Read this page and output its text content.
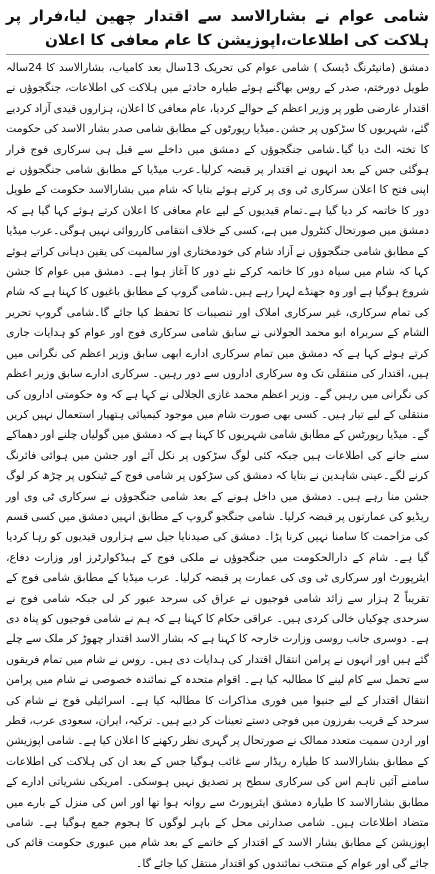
شامی عوام نے بشارالاسد سے اقتدار چھین لیا،فرار پر ہلاکت کی اطلاعات،اپوزیشن کا عام معافی کا اعلان

دمشق (مانیٹرنگ ڈیسک ) شامی عوام کی تحریک 13سال بعد کامیاب، بشارالاسد کا 24سالہ طویل دورختم، صدر کے روس بھاگنے ہوئے طیارہ حادثے میں ہلاکت کی اطلاعات، جنگجوؤں نے اقتدار عارضی طور پر وزیر اعظم کے حوالے کردیا، عام معافی کا اعلان، ہزاروں قیدی آزاد کردیے گئے، شہریوں کا سڑکوں پر جشن۔میڈیا رپورٹوں کے مطابق شامی صدر بشار الاسد کی حکومت کا تختہ الٹ دیا گیا۔شامی جنگجوؤں کے دمشق میں داخلے سے قبل ہی سرکاری فوج فرار ہوگئی جس کے بعد انہوں نے اقتدار پر قبضہ کرلیا۔عرب میڈیا کے مطابق شامی جنگجوؤں نے اپنی فتح کا اعلان سرکاری ٹی وی پر کرتے ہوئے بتایا کہ شام میں بشارالاسد حکومت کے طویل دور کا خاتمہ کر دیا گیا ہے۔تمام قیدیوں کے لیے عام معافی کا اعلان کرتے ہوئے کہا گیا ہے کہ دمشق میں صورتحال کنٹرول میں ہے، کسی کے خلاف انتقامی کارروائی نہیں ہوگی۔عرب میڈیا کے مطابق شامی جنگجوؤں نے آزاد شام کی خودمختاری اور سالمیت کی یقین دہانی کراتے ہوئے کہا کہ شام میں سیاہ دور کا خاتمہ کرکے نئے دور کا آغاز ہوا ہے۔ دمشق میں عوام کا جشن شروع ہوگیا ہے اور وہ جھنڈے لہرا رہے ہیں۔شامی گروپ کے مطابق باغیوں کا کہنا ہے کہ شام کی تمام سرکاری، غیر سرکاری املاک اور تنصیبات کا تحفظ کیا جائے گا۔شامی گروپ تحریر الشام کے سربراہ ابو محمد الجولانی نے سابق شامی سرکاری فوج اور عوام کو ہدایات جاری کرتے ہوئے کہا ہے کہ دمشق میں تمام سرکاری ادارے ابھی سابق وزیر اعظم کی نگرانی میں ہیں، اقتدار کی منتقلی تک وہ سرکاری اداروں سے دور رہیں۔ سرکاری ادارے سابق وزیر اعظم کی نگرانی میں رہیں گے۔ وزیر اعظم محمد غازی الجلالی نے کہا ہے کہ وہ حکومتی اداروں کی منتقلی کے لیے تیار ہیں۔ کسی بھی صورت شام میں موجود کیمیائی ہتھیار استعمال نہیں کریں گے۔ میڈیا رپورٹس کے مطابق شامی شہریوں کا کہنا ہے کہ دمشق میں گولیاں چلنے اور دھماکے سنے جانے کی اطلاعات ہیں جبکہ کئی لوگ سڑکوں پر نکل آئے اور جشن میں ہوائی فائرنگ کرنے لگے۔عینی شاہدین نے بتایا کہ دمشق کی سڑکوں پر شامی فوج کے ٹینکوں پر چڑھ کر لوگ جشن منا رہے ہیں۔ دمشق میں داخل ہونے کے بعد شامی جنگجوؤں نے سرکاری ٹی وی اور ریڈیو کی عمارتوں پر قبضہ کرلیا۔ شامی جنگجو گروپ کے مطابق انہیں دمشق میں کسی قسم کی مزاحمت کا سامنا نہیں کرنا پڑا۔ دمشق کی صیدنایا جیل سے ہزاروں قیدیوں کو رہا کردیا گیا ہے۔ شام کے دارالحکومت میں جنگجوؤں نے ملکی فوج کے ہیڈکوارٹرز اور وزارت دفاع، ایئرپورٹ اور سرکاری ٹی وی کی عمارت پر قبضہ کرلیا۔ عرب میڈیا کے مطابق شامی فوج کے تقریباً 2 ہزار سے زائد شامی فوجیوں نے عراق کی سرحد عبور کر لی جبکہ شامی فوج نے سرحدی چوکیاں خالی کردی ہیں۔ عراقی حکام کا کہنا ہے کہ ہم نے شامی فوجیوں کو پناہ دی ہے۔ دوسری جانب روسی وزارت خارجہ کا کہنا ہے کہ بشار الاسد اقتدار چھوڑ کر ملک سے چلے گئے ہیں اور انہوں نے پرامن انتقال اقتدار کی ہدایات دی ہیں۔ روس نے شام میں تمام فریقوں سے تحمل سے کام لینے کا مطالبہ کیا ہے۔ اقوام متحدہ کے نمائندہ خصوصی نے شام میں پرامن انتقال اقتدار کے لیے جنیوا میں فوری مذاکرات کا مطالبہ کیا ہے۔ اسرائیلی فوج نے شام کی سرحد کے قریب بفرزون میں فوجی دستے تعینات کر دیے ہیں۔ ترکیہ، ایران، سعودی عرب، قطر اور اردن سمیت متعدد ممالک نے صورتحال پر گہری نظر رکھنے کا اعلان کیا ہے۔ شامی اپوزیشن کے مطابق بشارالاسد کا طیارہ ریڈار سے غائب ہوگیا جس کے بعد ان کی ہلاکت کی اطلاعات سامنے آئیں تاہم اس کی سرکاری سطح پر تصدیق نہیں ہوسکی۔ امریکی نشریاتی ادارے کے مطابق بشارالاسد کا طیارہ دمشق ایئرپورٹ سے روانہ ہوا تھا اور اس کی منزل کے بارے میں متضاد اطلاعات ہیں۔ شامی صدارتی محل کے باہر لوگوں کا ہجوم جمع ہوگیا ہے۔ شامی اپوزیشن کے مطابق بشار الاسد کے اقتدار کے خاتمے کے بعد شام میں عبوری حکومت قائم کی جائے گی اور عوام کے منتخب نمائندوں کو اقتدار منتقل کیا جائے گا۔
